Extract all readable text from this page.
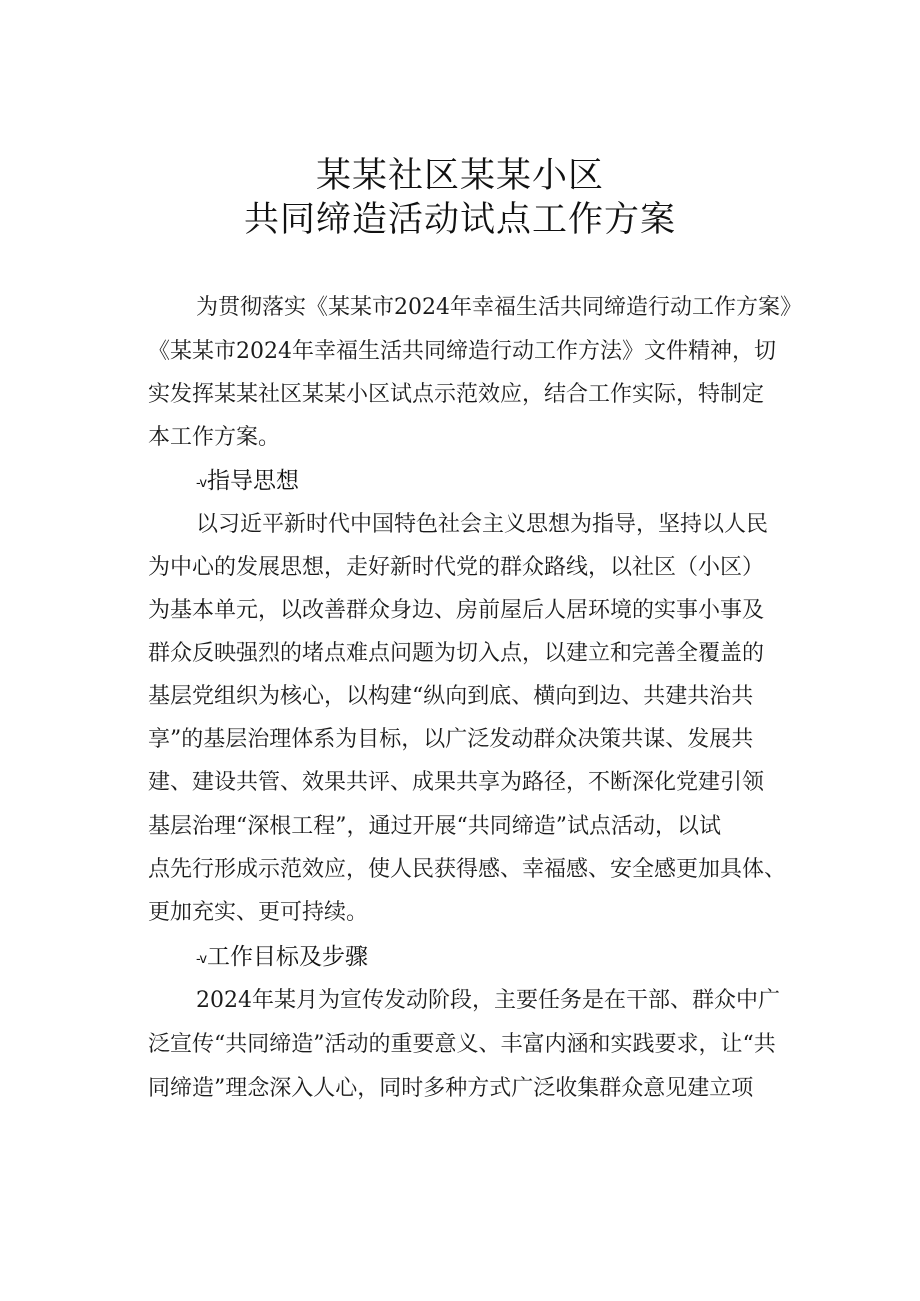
某某社区某某小区
共同缔造活动试点工作方案
为贯彻落实《某某市2024年幸福生活共同缔造行动工作方案》
《某某市2024年幸福生活共同缔造行动工作方法》文件精神，切
实发挥某某社区某某小区试点示范效应，结合工作实际，特制定
本工作方案。
-v指导思想
以习近平新时代中国特色社会主义思想为指导，坚持以人民
为中心的发展思想，走好新时代党的群众路线，以社区（小区）
为基本单元，以改善群众身边、房前屋后人居环境的实事小事及
群众反映强烈的堵点难点问题为切入点，以建立和完善全覆盖的
基层党组织为核心，以构建“纵向到底、横向到边、共建共治共
享”的基层治理体系为目标，以广泛发动群众决策共谋、发展共
建、建设共管、效果共评、成果共享为路径，不断深化党建引领
基层治理“深根工程”，通过开展“共同缔造”试点活动，以试
点先行形成示范效应，使人民获得感、幸福感、安全感更加具体、
更加充实、更可持续。
-v工作目标及步骤
2024年某月为宣传发动阶段，主要任务是在干部、群众中广
泛宣传“共同缔造”活动的重要意义、丰富内涵和实践要求，让“共
同缔造”理念深入人心，同时多种方式广泛收集群众意见建立项
